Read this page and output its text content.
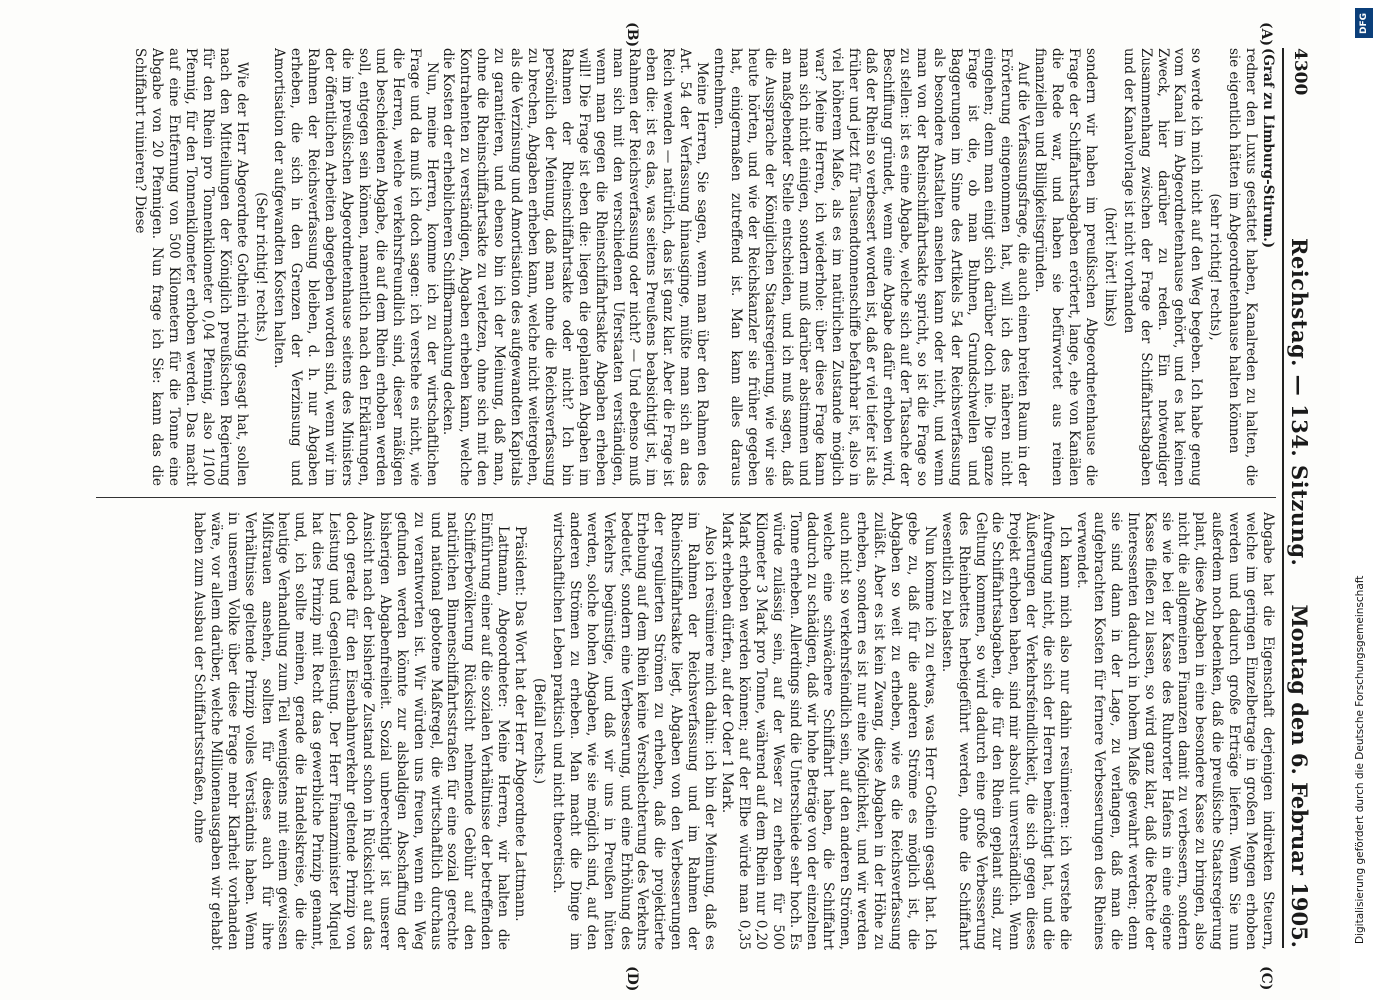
4300
Reichstag. — 134. Sitzung.
Montag den 6. Februar 1905.
(A)
(B)
(C)
(D)

(Graf zu Limburg-Stirum.)

redner den Luxus gestattet haben, Kanalreden zu halten, die sie eigentlich hätten im Abgeordnetenhause halten können

(sehr richtig! rechts),

so werde ich mich nicht auf den Weg begeben. Ich habe genug vom Kanal im Abgeordnetenhause gehört, und es hat keinen Zweck, hier darüber zu reden. Ein notwendiger Zusammenhang zwischen der Frage der Schiffahrtsabgaben und der Kanalvorlage ist nicht vorhanden

(hört! hört! links)

sondern wir haben im preußischen Abgeordnetenhause die Frage der Schiffahrtsabgaben erörtert, lange, ehe von Kanälen die Rede war, und haben sie befürwortet aus reinen finanziellen und Billigkeitsgründen.

Auf die Verfassungsfrage, die auch einen breiten Raum in der Erörterung eingenommen hat, will ich des näheren nicht eingehen; denn man einigt sich darüber doch nie. Die ganze Frage ist die, ob man Buhnen, Grundschwellen und Baggerungen im Sinne des Artikels 54 der Reichsverfassung als besondere Anstalten ansehen kann oder nicht, und wenn man von der Rheinschiffahrtsakte spricht, so ist die Frage so zu stellen: ist es eine Abgabe, welche sich auf der Tatsache der Beschiffung gründet, wenn eine Abgabe dafür erhoben wird, daß der Rhein so verbessert worden ist, daß er viel tiefer ist als früher und jetzt für Tausendtonnenschiffe befahrbar ist, also in viel höherem Maße, als es im natürlichen Zustande möglich war? Meine Herren, ich wiederhole: über diese Frage kann man sich nicht einigen, sondern muß darüber abstimmen und an maßgebender Stelle entscheiden, und ich muß sagen, daß die Aussprache der Königlichen Staatsregierung, wie wir sie heute hörten, und wie der Reichskanzler sie früher gegeben hat, einigermaßen zutreffend ist. Man kann alles daraus entnehmen.

Meine Herren, Sie sagen, wenn man über den Rahmen des Art. 54 der Verfassung hinausginge, müßte man sich an das Reich wenden — natürlich, das ist ganz klar. Aber die Frage ist eben die: ist es das, was seitens Preußens beabsichtigt ist, im Rahmen der Reichsverfassung oder nicht? — Und ebenso muß man sich mit den verschiedenen Uferstaaten verständigen, wenn man gegen die Rheinschiffahrtsakte Abgaben erheben will! Die Frage ist eben die: liegen die geplanten Abgaben im Rahmen der Rheinschiffahrtsakte oder nicht? Ich bin persönlich der Meinung, daß man ohne die Reichsverfassung zu brechen, Abgaben erheben kann, welche nicht weitergehen, als die Verzinsung und Amortisation des aufgewandten Kapitals zu garantieren, und ebenso bin ich der Meinung, daß man, ohne die Rheinschiffahrtsakte zu verletzen, ohne sich mit den Kontrahenten zu verständigen, Abgaben erheben kann, welche die Kosten der erheblicheren Schiffbarmachung decken.

Nun, meine Herren, komme ich zu der wirtschaftlichen Frage und da muß ich doch sagen: ich verstehe es nicht, wie die Herren, welche verkehrsfreundlich sind, dieser mäßigen und bescheidenen Abgabe, die auf dem Rhein erhoben werden soll, entgegen sein können, namentlich nach den Erklärungen, die im preußischen Abgeordnetenhause seitens des Ministers der öffentlichen Arbeiten abgegeben worden sind, wenn wir im Rahmen der Reichsverfassung bleiben, d. h. nur Abgaben erheben, die sich in den Grenzen der Verzinsung und Amortisation der aufgewandten Kosten halten.

(Sehr richtig! rechts.)

Wie der Herr Abgeordnete Gothein richtig gesagt hat, sollen nach den Mitteilungen der Königlich preußischen Regierung für den Rhein pro Tonnenkilometer 0,04 Pfennig, also 1/100 Pfennig, für den Tonnenkilometer erhoben werden. Das macht auf eine Entfernung von 500 Kilometern für die Tonne eine Abgabe von 20 Pfennigen. Nun frage ich Sie: kann das die Schiffahrt ruinieren? Diese

Abgabe hat die Eigenschaft derjenigen indirekten Steuern, welche im geringen Einzelbetrage in großen Mengen erhoben werden und dadurch große Erträge liefern. Wenn Sie nun außerdem noch bedenken, daß die preußische Staatsregierung plant, diese Abgaben in eine besondere Kasse zu bringen, also nicht die allgemeinen Finanzen damit zu verbessern, sondern sie wie bei der Kasse des Ruhrorter Hafens in eine eigene Kasse fließen zu lassen, so wird ganz klar, daß die Rechte der Interessenten dadurch in hohem Maße gewahrt werden; denn sie sind dann in der Lage, zu verlangen, daß man die aufgebrachten Kosten für fernere Verbesserungen des Rheines verwendet.

Ich kann mich also nur dahin resümieren: ich verstehe die Aufregung nicht, die sich der Herren bemächtigt hat, und die Äußerungen der Verkehrsfeindlichkeit, die sich gegen dieses Projekt erhoben haben, sind mir absolut unverständlich. Wenn die Schiffahrtsabgaben, die für den Rhein geplant sind, zur Geltung kommen, so wird dadurch eine große Verbesserung des Rheinbettes herbeigeführt werden, ohne die Schiffahrt wesentlich zu belasten.

Nun komme ich zu etwas, was Herr Gothein gesagt hat. Ich gebe zu, daß für die anderen Ströme es möglich ist, die Abgaben so weit zu erheben, wie es die Reichsverfassung zuläßt. Aber es ist kein Zwang, diese Abgaben in der Höhe zu erheben, sondern es ist nur eine Möglichkeit, und wir werden auch nicht so verkehrsfeindlich sein, auf den anderen Strömen, welche eine schwächere Schiffahrt haben, die Schiffahrt dadurch zu schädigen, daß wir hohe Beträge von der einzelnen Tonne erheben. Allerdings sind die Unterschiede sehr hoch. Es würde zulässig sein, auf der Weser zu erheben für 500 Kilometer 3 Mark pro Tonne, während auf dem Rhein nur 0,20 Mark erhoben werden können; auf der Elbe würde man 0,35 Mark erheben dürfen, auf der Oder 1 Mark.

Also ich resümiere mich dahin: ich bin der Meinung, daß es im Rahmen der Reichsverfassung und im Rahmen der Rheinschiffahrtsakte liegt, Abgaben von den Verbesserungen der regulierten Strömen zu erheben, daß die projektierte Erhebung auf dem Rhein keine Verschlechterung des Verkehrs bedeutet, sondern eine Verbesserung, und eine Erhöhung des Verkehrs begünstige, und daß wir uns in Preußen hüten werden, solche hohen Abgaben, wie sie möglich sind, auf den anderen Strömen zu erheben. Man macht die Dinge im wirtschaftlichen Leben praktisch und nicht theoretisch.

(Beifall rechts.)

Präsident: Das Wort hat der Herr Abgeordnete Lattmann.

Lattmann, Abgeordneter: Meine Herren, wir halten die Einführung einer auf die sozialen Verhältnisse der betreffenden Schifferbevölkerung Rücksicht nehmende Gebühr auf den natürlichen Binnenschiffahrtsstraßen für eine sozial gerechte und national gebotene Maßregel, die wirtschaftlich durchaus zu verantworten ist. Wir würden uns freuen, wenn ein Weg gefunden werden könnte zur alsbaldigen Abschaffung der bisherigen Abgabenfreiheit. Sozial unberechtigt ist unserer Ansicht nach der bisherige Zustand schon in Rücksicht auf das doch gerade für den Eisenbahnverkehr geltende Prinzip von Leistung und Gegenleistung. Der Herr Finanzminister Miquel hat dies Prinzip mit Recht das gewerbliche Prinzip genannt, und, ich sollte meinen, gerade die Handelskreise, die die heutige Verhandlung zum Teil wenigstens mit einem gewissen Mißtrauen ansehen, sollten für dieses auch für ihre Verhältnisse geltende Prinzip volles Verständnis haben. Wenn in unserem Volke über diese Frage mehr Klarheit vorhanden wäre, vor allem darüber, welche Millionenausgaben wir gehabt haben zum Ausbau der Schiffahrtsstraßen, ohne

DFG
Digitalisierung gefördert durch die Deutsche Forschungsgemeinschaft
